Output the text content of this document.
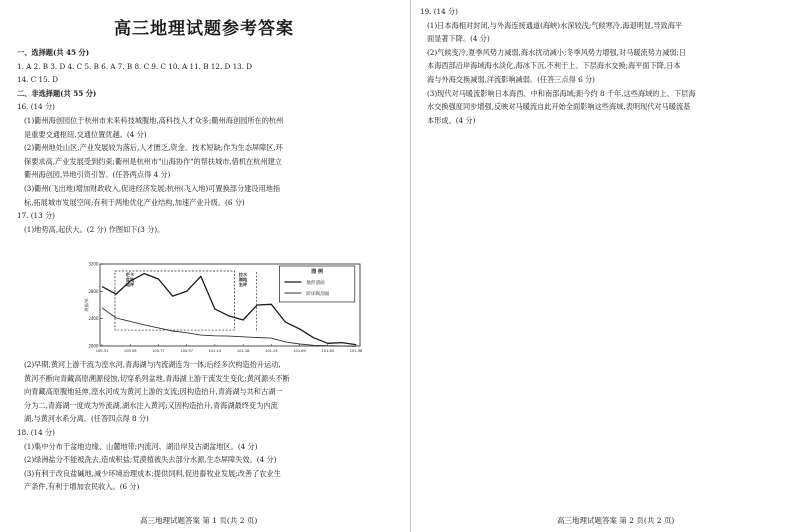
高三地理试题参考答案
一、选择题(共 45 分)
1. A 2. B 3. D 4. C 5. B 6. A 7. B 8. C 9. C 10. A 11. B 12. D 13. D
14. C 15. D
二、非选择题(共 55 分)
16. (14 分)
(1)衢州海创园位于杭州市未来科技城腹地,高科技人才众多;衢州海创园所在的杭州
是重要交通枢纽,交通位置优越。(4 分)
(2)衢州地处山区,产业发展较为落后,人才匮乏,资金、技术短缺;作为生态屏障区,环
保要求高,产业发展受到约束;衢州是杭州市"山海协作"的帮扶城市,借机在杭州建立
衢州海创园,异地引资引智。(任答两点得 4 分)
(3)衢州(飞出地)增加财政收入,促进经济发展;杭州(飞入地)可置换部分建设用地指
标,拓展城市发展空间;有利于两地优化产业结构,加速产业升级。(6 分)
17. (13 分)
(1)地势高,起伏大。(2 分) 作图如下(3 分)。
3200
2800
2400
2000
海拔/米
100.31	100.56	100.77	100.97	101.14	101.18	101.24	101.69	101.84	101.98
茫卡
盆地
地坪
拉水
湖地
坐坪
图 例
地形剖面
阶床纵剖面
(2)早期,黄河上游干流为湟水河,青海湖与内流湖连为一体;后经多次构造抬升运动,
黄河不断向青藏高原溯源侵蚀,切穿系列盆地,青海湖上游干流发生变化;黄河源头不断
向青藏高原腹地延伸,湟水河成为黄河上游的支流;因构造抬升,青海湖与共和古湖一
分为二,青海湖一度成为外流湖,湖水注入黄河;又因构造抬升,青海湖最终变为内流
湖,与黄河水系分离。(任答四点得 8 分)
18. (14 分)
(1)集中分布于盆地边缘、山麓地带;内流河、湖沿岸及古湖盆地区。(4 分)
(2)绿洲盐分不能被洗去,造成积盐;荒漠植被失去部分水源,生态屏障失效。(4 分)
(3)有利于改良盐碱地,减少环境治理成本;提供饲料,促进畜牧业发展;改善了农业生
产条件,有利于增加农民收入。(6 分)
高三地理试题答案 第 1 页(共 2 页)
19. (14 分)
(1)日本海相对封闭,与外海连接通道(海峡)水深较浅;气候寒冷,海退明显,导致海平
面显著下降。(4 分)
(2)气候变冷,夏季风势力减弱,海水扰动减小;冬季风势力增强,对马暖流势力减弱;日
本海西部沿岸海域海水淡化,海冰下沉,不利于上、下层海水交换;海平面下降,日本
海与外海交换减弱,洋流影响减弱。(任答三点得 6 分)
(3)现代对马暖流影响日本海西、中和南部海域;距今约 8 千年,这些海域的上、下层海
水交换强度同步增强,反映对马暖流自此开始全面影响这些海域,表明现代对马暖流基
本形成。(4 分)
高三地理试题答案 第 2 页(共 2 页)
